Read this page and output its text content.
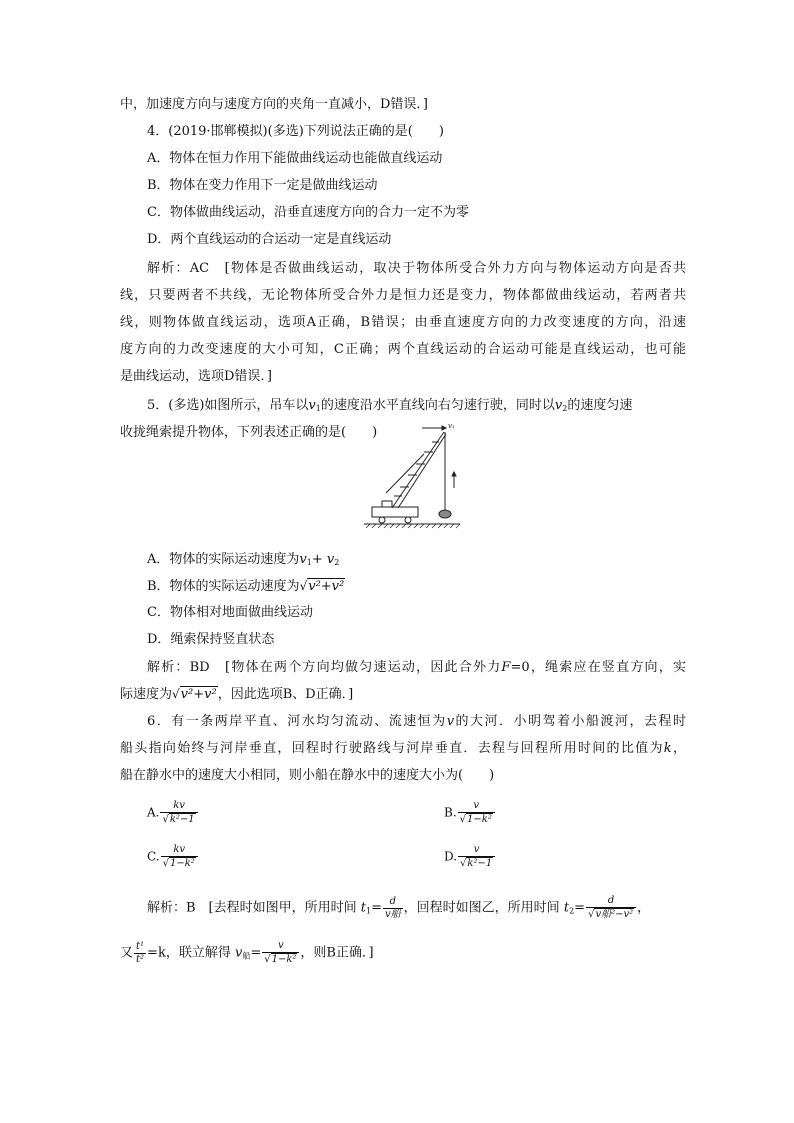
中，加速度方向与速度方向的夹角一直减小，D错误．]
4．(2019·邯郸模拟)(多选)下列说法正确的是(　　)
A．物体在恒力作用下能做曲线运动也能做直线运动
B．物体在变力作用下一定是做曲线运动
C．物体做曲线运动，沿垂直速度方向的合力一定不为零
D．两个直线运动的合运动一定是直线运动
解析：AC　[物体是否做曲线运动，取决于物体所受合外力方向与物体运动方向是否共
线，只要两者不共线，无论物体所受合外力是恒力还是变力，物体都做曲线运动，若两者共
线，则物体做直线运动，选项A正确，B错误；由垂直速度方向的力改变速度的方向，沿速
度方向的力改变速度的大小可知，C正确；两个直线运动的合运动可能是直线运动，也可能
是曲线运动，选项D错误．]
5．(多选)如图所示，吊车以$v_1$的速度沿水平直线向右匀速行驶，同时以$v_2$的速度匀速
收拢绳索提升物体，下列表述正确的是(　　)	v₁
A．物体的实际运动速度为$v_1+ v_2$
B．物体的实际运动速度为√v²+v²
C．物体相对地面做曲线运动
D．绳索保持竖直状态
解析：BD　[物体在两个方向均做匀速运动，因此合外力F=0，绳索应在竖直方向，实
际速度为√v²+v²，因此选项B、D正确．]
6．有一条两岸平直、河水均匀流动、流速恒为v的大河．小明驾着小船渡河，去程时
船头指向始终与河岸垂直，回程时行驶路线与河岸垂直．去程与回程所用时间的比值为k，
船在静水中的速度大小相同，则小船在静水中的速度大小为(　　)
A. $\frac{kv}{\text{√k²−1}}$	B. $\frac{v}{\text{√1−k²}}$
C. $\frac{kv}{\text{√1−k²}}$	D. $\frac{v}{\text{√k²−1}}$
解析：B　[去程时如图甲，所用时间 $t_1= \frac{d}{\text{v船}}$ ，回程时如图乙，所用时间 $t_2= \frac{d}{\text{√v船²−v²}}$ ，
又 $\frac{\text{t¹}}{\text{t²}} =k$，联立解得 $v_船= \frac{v}{\text{√1−k²}}$ ，则B正确．]
